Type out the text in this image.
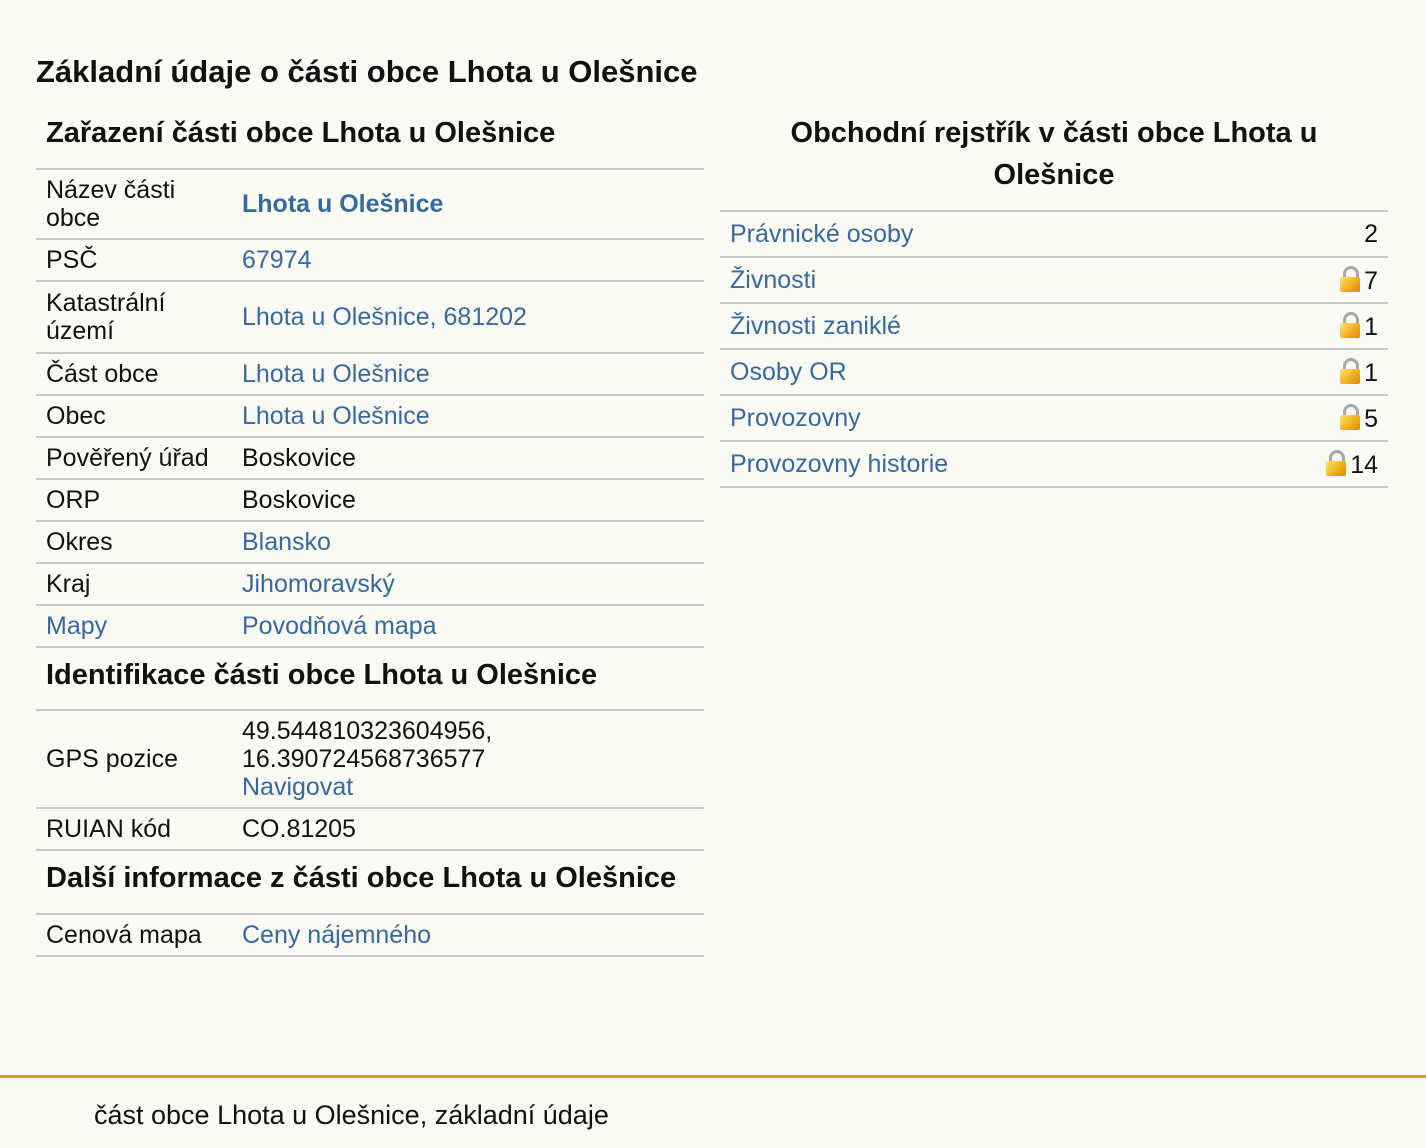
Základní údaje o části obce Lhota u Olešnice
Zařazení části obce Lhota u Olešnice
Název části obce	Lhota u Olešnice
PSČ	67974
Katastrální území	Lhota u Olešnice, 681202
Část obce	Lhota u Olešnice
Obec	Lhota u Olešnice
Pověřený úřad	Boskovice
ORP	Boskovice
Okres	Blansko
Kraj	Jihomoravský
Mapy	Povodňová mapa
Identifikace části obce Lhota u Olešnice
GPS pozice	49.544810323604956,
16.390724568736577
Navigovat

RUIAN kód	CO.81205
Další informace z části obce Lhota u Olešnice
Cenová mapa	Ceny nájemného
Obchodní rejstřík v části obce Lhota u Olešnice
Právnické osoby	2
Živnosti	7
Živnosti zaniklé	1
Osoby OR	1
Provozovny	5
Provozovny historie	14
část obce Lhota u Olešnice, základní údaje
